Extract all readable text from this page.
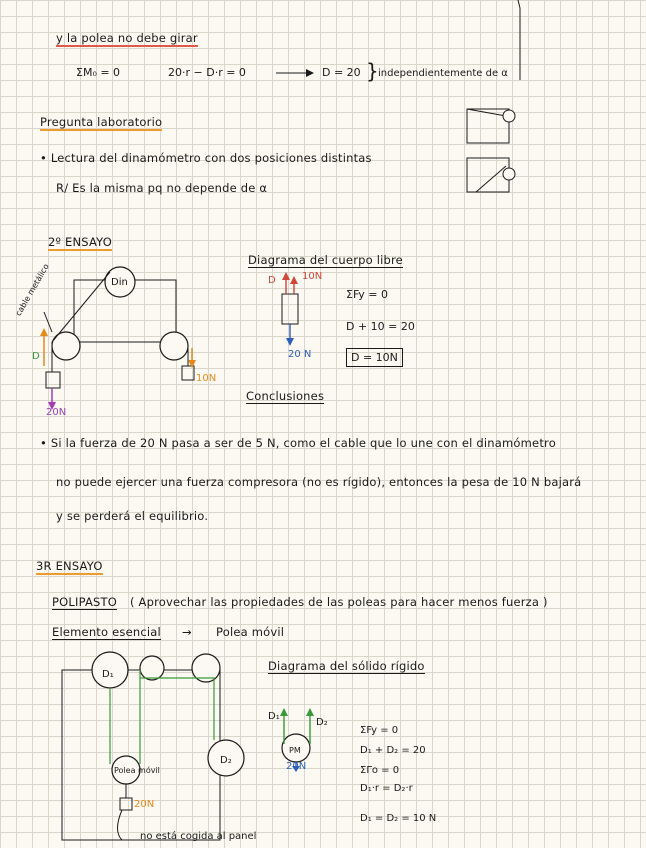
y la polea no debe girar
ΣM₀ = 0	20·r − D·r = 0	D = 20 } independientemente de α
Pregunta laboratorio
• Lectura del dinamómetro con dos posiciones distintas
R/ Es la misma pq no depende de α
2º ENSAYO
Din
cable metálico
D
20N
10N
Diagrama del cuerpo libre
D	10N
20 N
ΣFy = 0
D + 10 = 20
D = 10N
Conclusiones
• Si la fuerza de 20 N pasa a ser de 5 N, como el cable que lo une con el dinamómetro
no puede ejercer una fuerza compresora (no es rígido), entonces la pesa de 10 N bajará
y se perderá el equilibrio.
3R ENSAYO
POLIPASTO ( Aprovechar las propiedades de las poleas para hacer menos fuerza )
Elemento esencial → Polea móvil
D₁
D₂
Polea móvil
20N
no está cogida al panel
Diagrama del sólido rígido
D₁
D₂
PM
20N
ΣFy = 0
D₁ + D₂ = 20
ΣΓo = 0
D₁·r = D₂·r
D₁ = D₂ = 10 N
